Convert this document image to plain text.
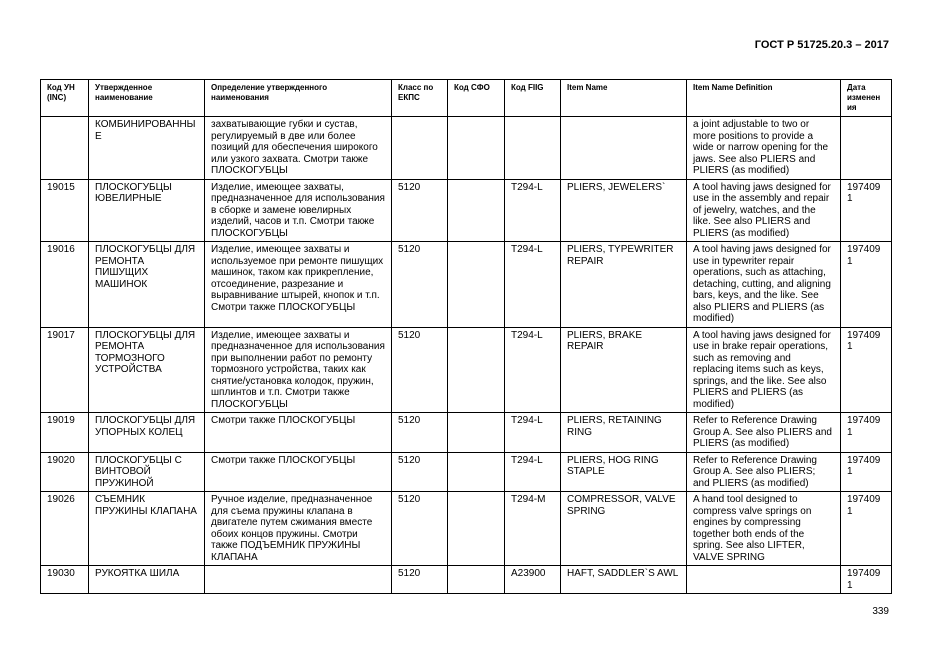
ГОСТ Р 51725.20.3 – 2017
Код УН (INC)	Утвержденное наименование	Определение утвержденного наименования	Класс по ЕКПС	Код СФО	Код FIIG	Item Name	Item Name Definition	Дата изменения
	КОМБИНИРОВАННЫЕ	захватывающие губки и сустав, регулируемый в две или более позиций для обеспечения широкого или узкого захвата. Смотри также ПЛОСКОГУБЦЫ					a joint adjustable to two or more positions to provide a wide or narrow opening for the jaws. See also PLIERS and PLIERS (as modified)	
19015	ПЛОСКОГУБЦЫ ЮВЕЛИРНЫЕ	Изделие, имеющее захваты, предназначенное для использования в сборке и замене ювелирных изделий, часов и т.п. Смотри также ПЛОСКОГУБЦЫ	5120		T294-L	PLIERS, JEWELERS`	A tool having jaws designed for use in the assembly and repair of jewelry, watches, and the like. See also PLIERS and PLIERS (as modified)	1974091
19016	ПЛОСКОГУБЦЫ ДЛЯ РЕМОНТА ПИШУЩИХ МАШИНОК	Изделие, имеющее захваты и используемое при ремонте пишущих машинок, таком как прикрепление, отсоединение, разрезание и выравнивание штырей, кнопок и т.п. Смотри также ПЛОСКОГУБЦЫ	5120		T294-L	PLIERS, TYPEWRITER REPAIR	A tool having jaws designed for use in typewriter repair operations, such as attaching, detaching, cutting, and aligning bars, keys, and the like. See also PLIERS and PLIERS (as modified)	1974091
19017	ПЛОСКОГУБЦЫ ДЛЯ РЕМОНТА ТОРМОЗНОГО УСТРОЙСТВА	Изделие, имеющее захваты и предназначенное для использования при выполнении работ по ремонту тормозного устройства, таких как снятие/установка колодок, пружин, шплинтов и т.п. Смотри также ПЛОСКОГУБЦЫ	5120		T294-L	PLIERS, BRAKE REPAIR	A tool having jaws designed for use in brake repair operations, such as removing and replacing items such as keys, springs, and the like. See also PLIERS and PLIERS (as modified)	1974091
19019	ПЛОСКОГУБЦЫ ДЛЯ УПОРНЫХ КОЛЕЦ	Смотри также ПЛОСКОГУБЦЫ	5120		T294-L	PLIERS, RETAINING RING	Refer to Reference Drawing Group A. See also PLIERS and PLIERS (as modified)	1974091
19020	ПЛОСКОГУБЦЫ С ВИНТОВОЙ ПРУЖИНОЙ	Смотри также ПЛОСКОГУБЦЫ	5120		T294-L	PLIERS, HOG RING STAPLE	Refer to Reference Drawing Group A. See also PLIERS; and PLIERS (as modified)	1974091
19026	СЪЕМНИК ПРУЖИНЫ КЛАПАНА	Ручное изделие, предназначенное для съема пружины клапана в двигателе путем сжимания вместе обоих концов пружины. Смотри также ПОДЪЕМНИК ПРУЖИНЫ КЛАПАНА	5120		T294-M	COMPRESSOR, VALVE SPRING	A hand tool designed to compress valve springs on engines by compressing together both ends of the spring. See also LIFTER, VALVE SPRING	1974091
19030	РУКОЯТКА ШИЛА		5120		A23900	HAFT, SADDLER`S AWL		1974091
339
